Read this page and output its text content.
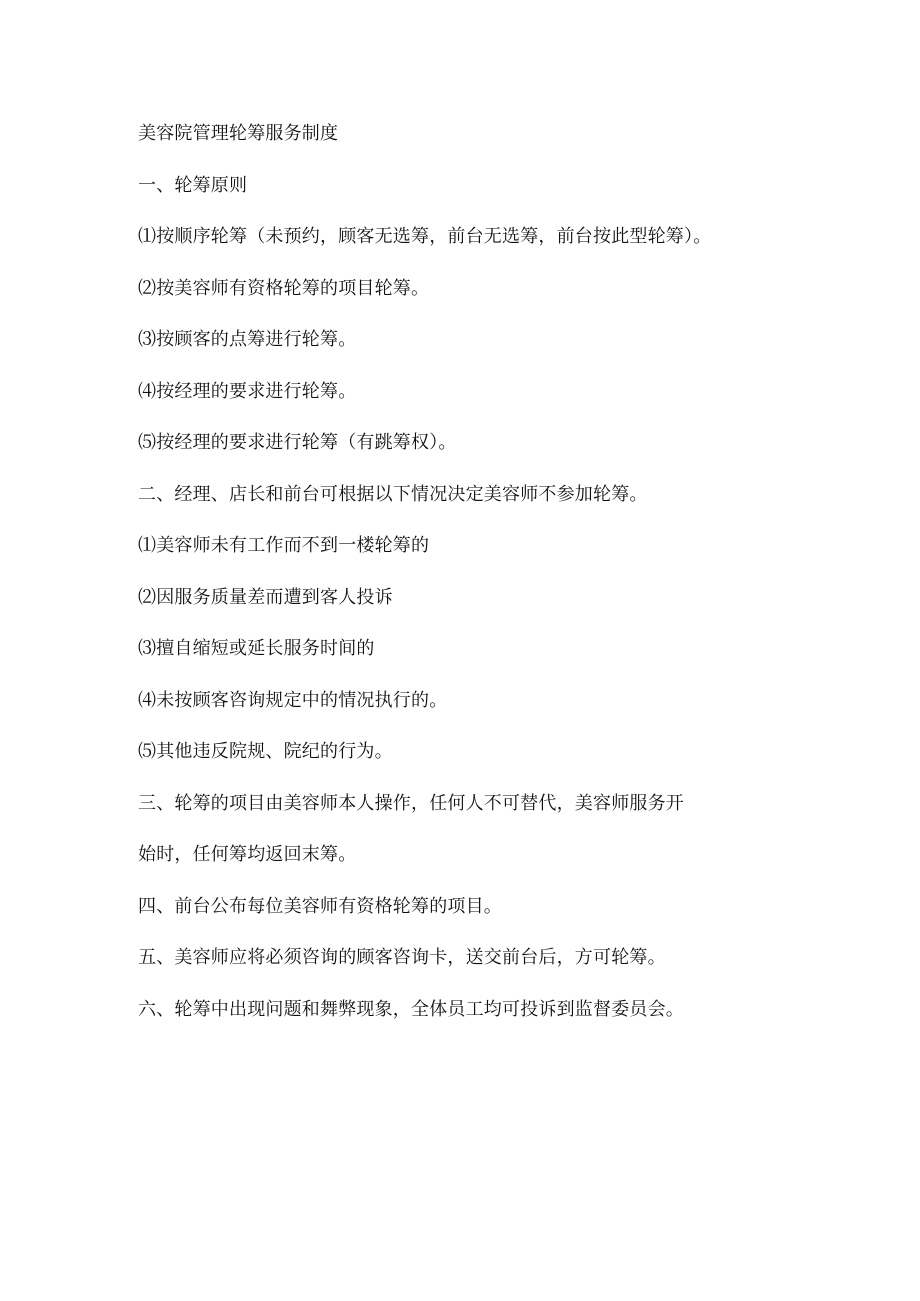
美容院管理轮筹服务制度
一、轮筹原则
⑴按顺序轮筹（未预约，顾客无选筹，前台无选筹，前台按此型轮筹）。
⑵按美容师有资格轮筹的项目轮筹。
⑶按顾客的点筹进行轮筹。
⑷按经理的要求进行轮筹。
⑸按经理的要求进行轮筹（有跳筹权）。
二、经理、店长和前台可根据以下情况决定美容师不参加轮筹。
⑴美容师未有工作而不到一楼轮筹的
⑵因服务质量差而遭到客人投诉
⑶擅自缩短或延长服务时间的
⑷未按顾客咨询规定中的情况执行的。
⑸其他违反院规、院纪的行为。
三、轮筹的项目由美容师本人操作，任何人不可替代，美容师服务开
始时，任何筹均返回末筹。
四、前台公布每位美容师有资格轮筹的项目。
五、美容师应将必须咨询的顾客咨询卡，送交前台后，方可轮筹。
六、轮筹中出现问题和舞弊现象，全体员工均可投诉到监督委员会。
